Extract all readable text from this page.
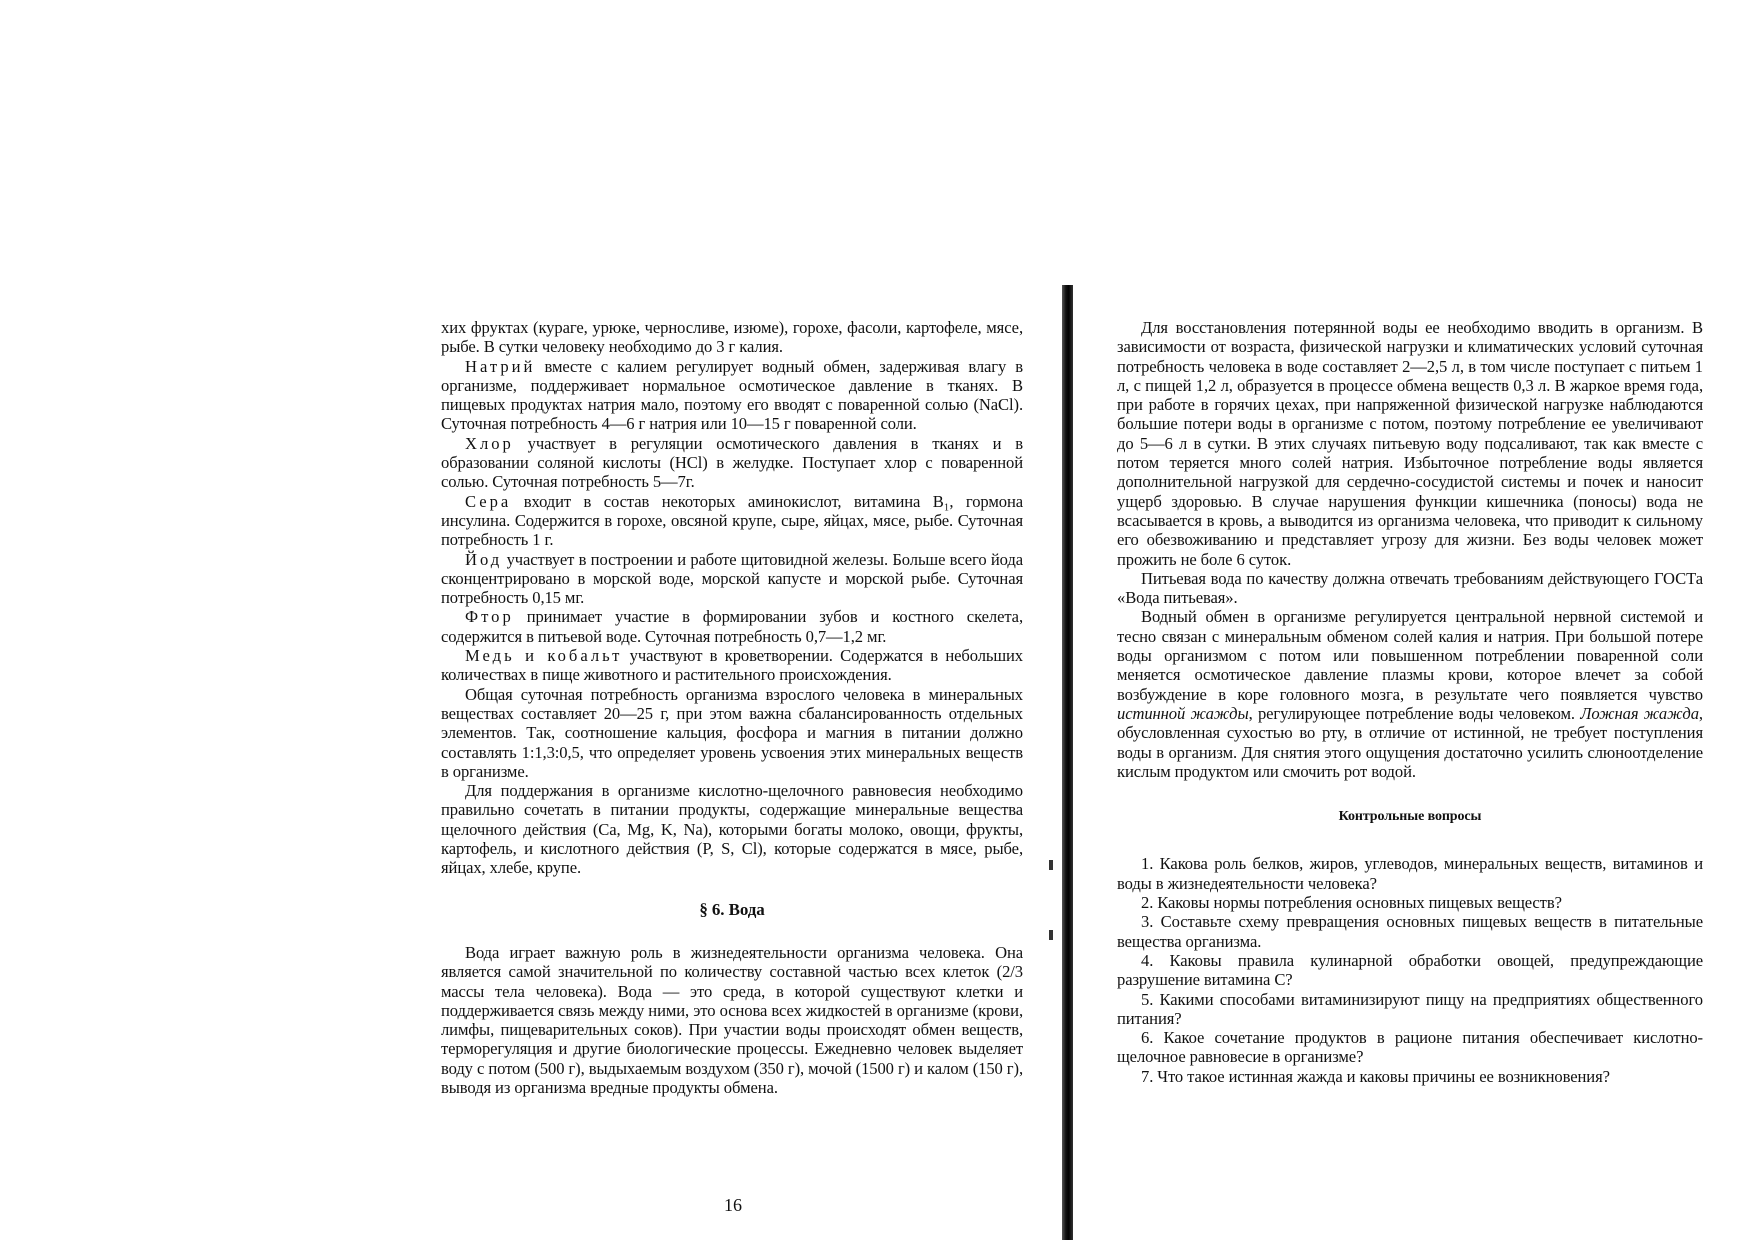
хих фруктах (кураге, урюке, черносливе, изюме), горохе, фасоли, картофеле, мясе, рыбе. В сутки человеку необходимо до 3 г калия.

Натрий вместе с калием регулирует водный обмен, задерживая влагу в организме, поддерживает нормальное осмотическое давление в тканях. В пищевых продуктах натрия мало, поэтому его вводят с поваренной солью (NaCl). Суточная потребность 4—6 г натрия или 10—15 г поваренной соли.

Хлор участвует в регуляции осмотического давления в тканях и в образовании соляной кислоты (HCl) в желудке. Поступает хлор с поваренной солью. Суточная потребность 5—7г.

Сера входит в состав некоторых аминокислот, витамина B₁, гормона инсулина. Содержится в горохе, овсяной крупе, сыре, яйцах, мясе, рыбе. Суточная потребность 1 г.

Йод участвует в построении и работе щитовидной железы. Больше всего йода сконцентрировано в морской воде, морской капусте и морской рыбе. Суточная потребность 0,15 мг.

Фтор принимает участие в формировании зубов и костного скелета, содержится в питьевой воде. Суточная потребность 0,7—1,2 мг.

Медь и кобальт участвуют в кроветворении. Содержатся в небольших количествах в пище животного и растительного происхождения.

Общая суточная потребность организма взрослого человека в минеральных веществах составляет 20—25 г, при этом важна сбалансированность отдельных элементов. Так, соотношение кальция, фосфора и магния в питании должно составлять 1:1,3:0,5, что определяет уровень усвоения этих минеральных веществ в организме.

Для поддержания в организме кислотно-щелочного равновесия необходимо правильно сочетать в питании продукты, содержащие минеральные вещества щелочного действия (Ca, Mg, K, Na), которыми богаты молоко, овощи, фрукты, картофель, и кислотного действия (P, S, Cl), которые содержатся в мясе, рыбе, яйцах, хлебе, крупе.

§ 6. Вода

Вода играет важную роль в жизнедеятельности организма человека. Она является самой значительной по количеству составной частью всех клеток (2/3 массы тела человека). Вода — это среда, в которой существуют клетки и поддерживается связь между ними, это основа всех жидкостей в организме (крови, лимфы, пищеварительных соков). При участии воды происходят обмен веществ, терморегуляция и другие биологические процессы. Ежедневно человек выделяет воду с потом (500 г), выдыхаемым воздухом (350 г), мочой (1500 г) и калом (150 г), выводя из организма вредные продукты обмена.

16

Для восстановления потерянной воды ее необходимо вводить в организм. В зависимости от возраста, физической нагрузки и климатических условий суточная потребность человека в воде составляет 2—2,5 л, в том числе поступает с питьем 1 л, с пищей 1,2 л, образуется в процессе обмена веществ 0,3 л. В жаркое время года, при работе в горячих цехах, при напряженной физической нагрузке наблюдаются большие потери воды в организме с потом, поэтому потребление ее увеличивают до 5—6 л в сутки. В этих случаях питьевую воду подсаливают, так как вместе с потом теряется много солей натрия. Избыточное потребление воды является дополнительной нагрузкой для сердечно-сосудистой системы и почек и наносит ущерб здоровью. В случае нарушения функции кишечника (поносы) вода не всасывается в кровь, а выводится из организма человека, что приводит к сильному его обезвоживанию и представляет угрозу для жизни. Без воды человек может прожить не боле 6 суток.

Питьевая вода по качеству должна отвечать требованиям действующего ГОСТа «Вода питьевая».

Водный обмен в организме регулируется центральной нервной системой и тесно связан с минеральным обменом солей калия и натрия. При большой потере воды организмом с потом или повышенном потреблении поваренной соли меняется осмотическое давление плазмы крови, которое влечет за собой возбуждение в коре головного мозга, в результате чего появляется чувство истинной жажды, регулирующее потребление воды человеком. Ложная жажда, обусловленная сухостью во рту, в отличие от истинной, не требует поступления воды в организм. Для снятия этого ощущения достаточно усилить слюноотделение кислым продуктом или смочить рот водой.

Контрольные вопросы

1. Какова роль белков, жиров, углеводов, минеральных веществ, витаминов и воды в жизнедеятельности человека?

2. Каковы нормы потребления основных пищевых веществ?

3. Составьте схему превращения основных пищевых веществ в питательные вещества организма.

4. Каковы правила кулинарной обработки овощей, предупреждающие разрушение витамина С?

5. Какими способами витаминизируют пищу на предприятиях общественного питания?

6. Какое сочетание продуктов в рационе питания обеспечивает кислотно-щелочное равновесие в организме?

7. Что такое истинная жажда и каковы причины ее возникновения?
